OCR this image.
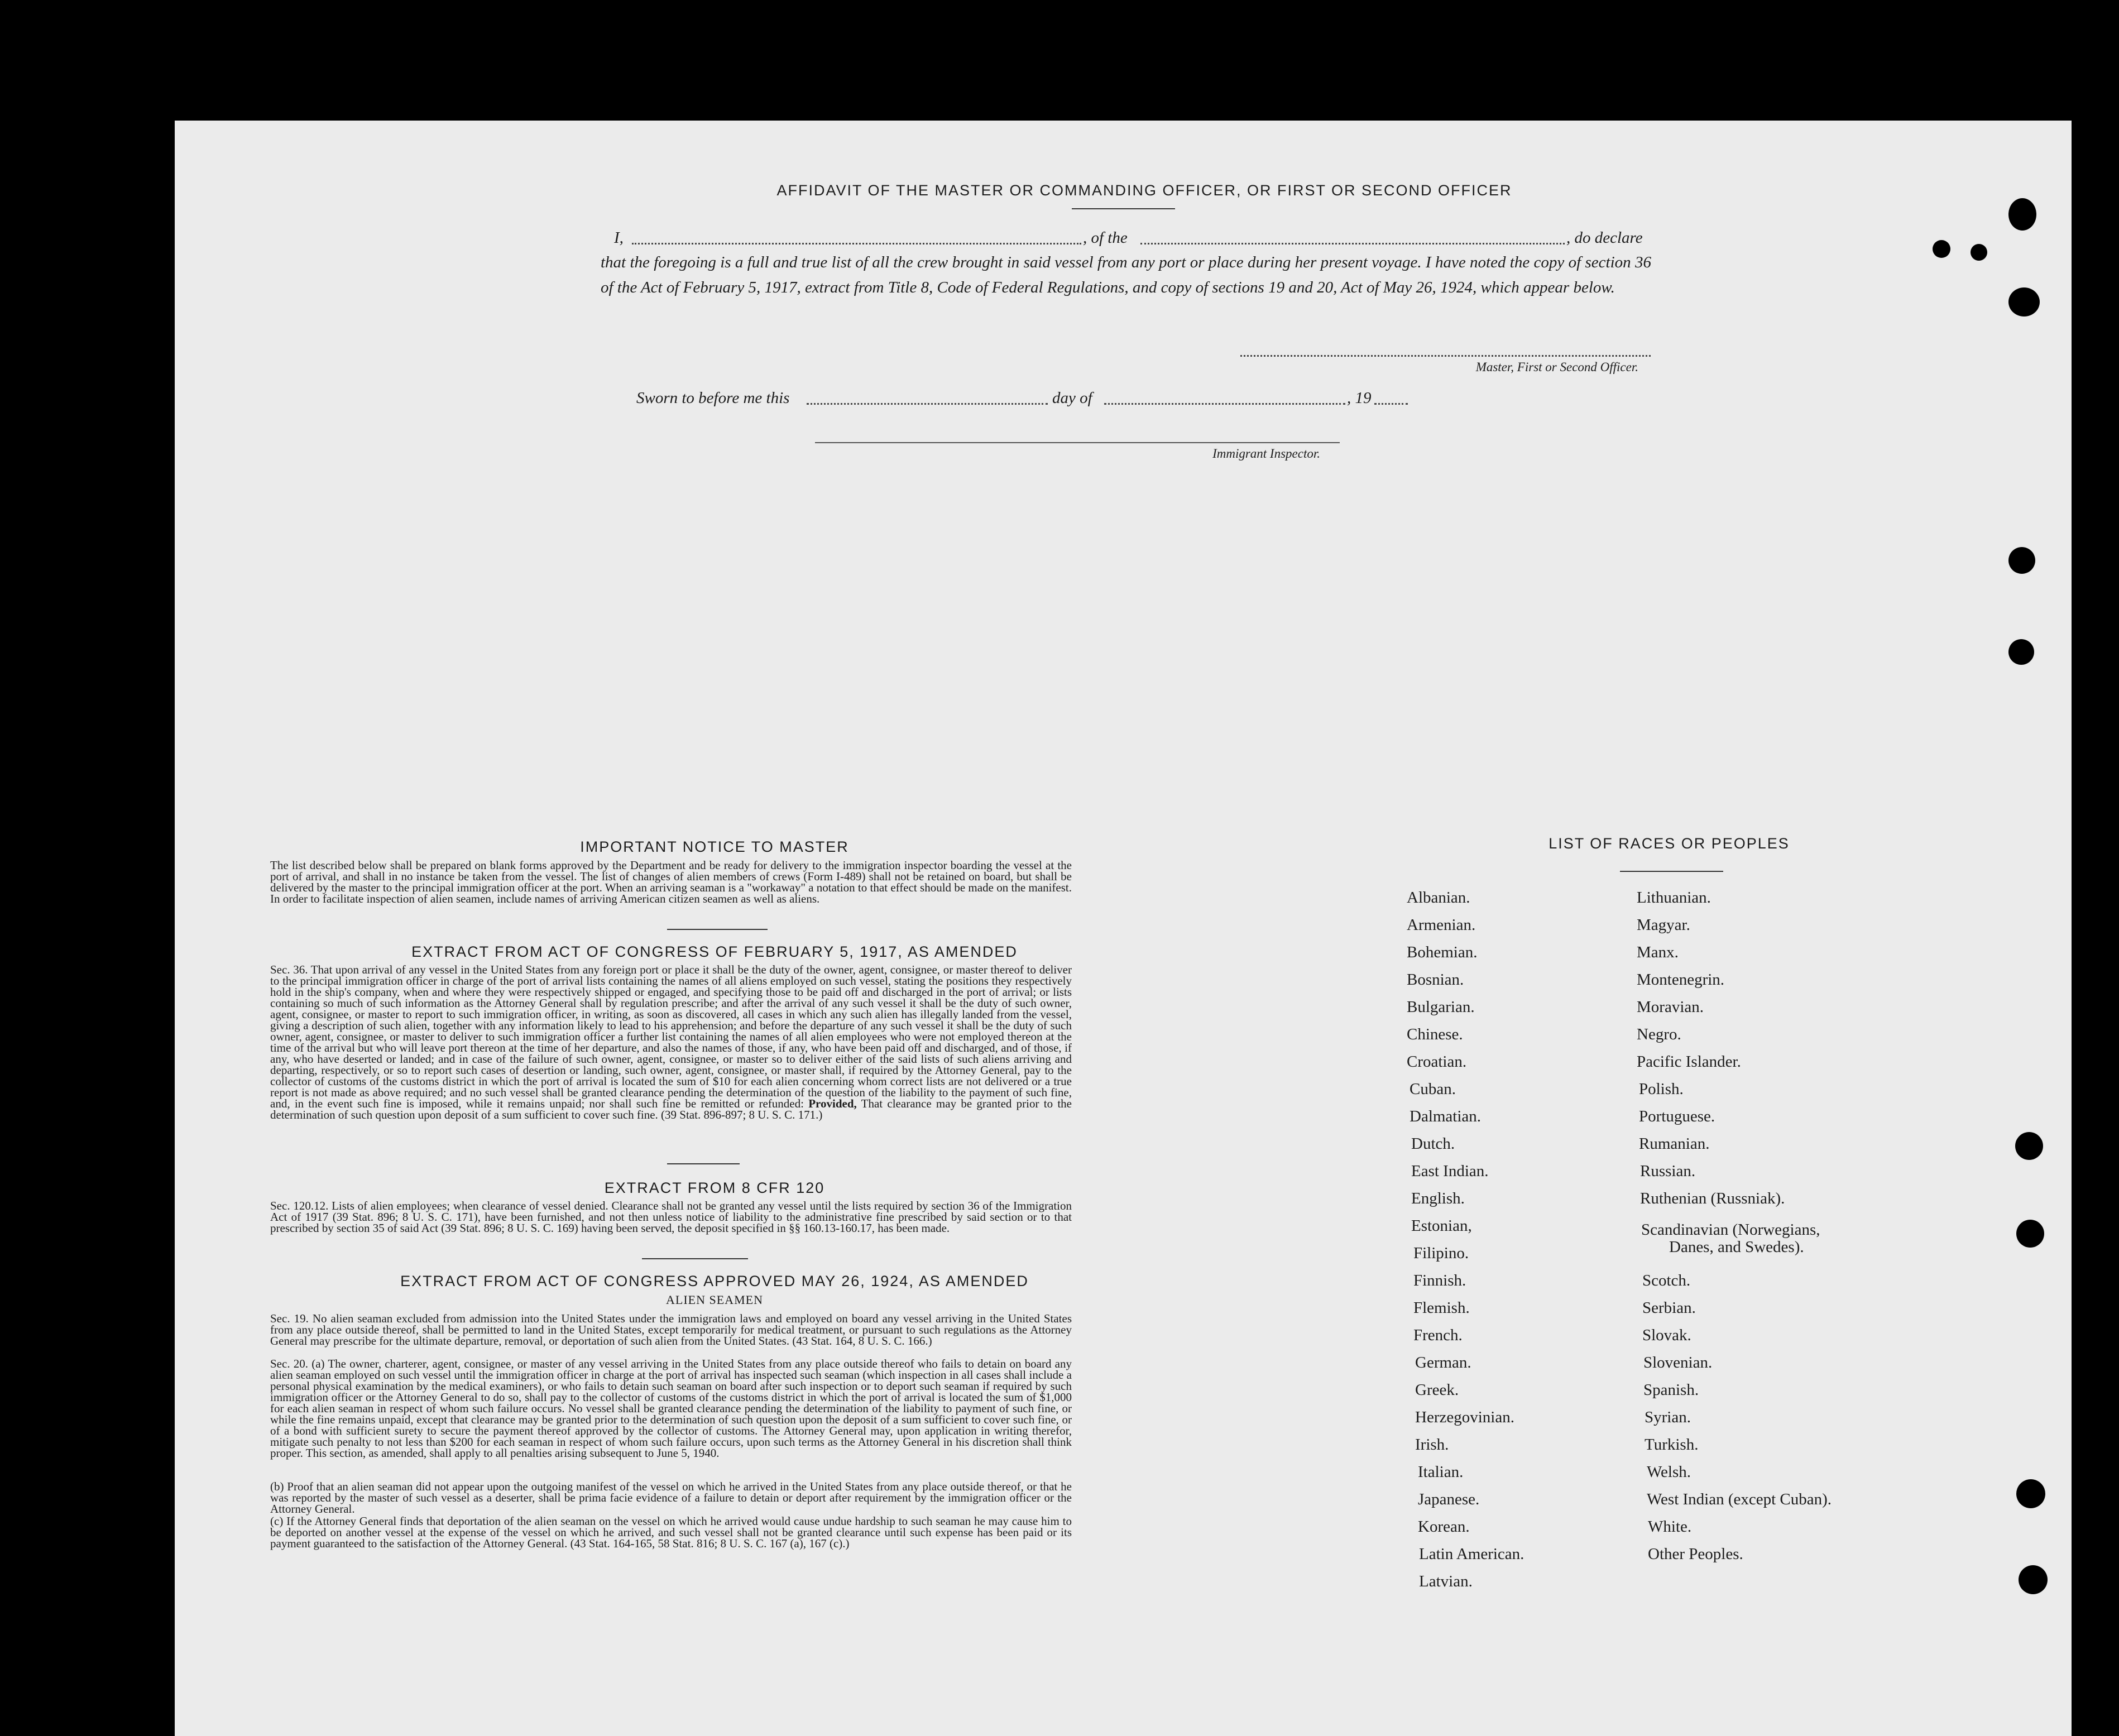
AFFIDAVIT OF THE MASTER OR COMMANDING OFFICER, OR FIRST OR SECOND OFFICER
I,	, of the	, do declare
that the foregoing is a full and true list of all the crew brought in said vessel from any port or place during her present voyage. I have noted the copy of section 36 of the Act of February 5, 1917, extract from Title 8, Code of Federal Regulations, and copy of sections 19 and 20, Act of May 26, 1924, which appear below.
Master, First or Second Officer.
Sworn to before me this	day of	, 19
Immigrant Inspector.
IMPORTANT NOTICE TO MASTER
The list described below shall be prepared on blank forms approved by the Department and be ready for delivery to the immigration inspector boarding the vessel at the port of arrival, and shall in no instance be taken from the vessel. The list of changes of alien members of crews (Form I-489) shall not be retained on board, but shall be delivered by the master to the principal immigration officer at the port. When an arriving seaman is a "workaway" a notation to that effect should be made on the manifest. In order to facilitate inspection of alien seamen, include names of arriving American citizen seamen as well as aliens.
EXTRACT FROM ACT OF CONGRESS OF FEBRUARY 5, 1917, AS AMENDED
Sec. 36. That upon arrival of any vessel in the United States from any foreign port or place it shall be the duty of the owner, agent, consignee, or master thereof to deliver to the principal immigration officer in charge of the port of arrival lists containing the names of all aliens employed on such vessel, stating the positions they respectively hold in the ship's company, when and where they were respectively shipped or engaged, and specifying those to be paid off and discharged in the port of arrival; or lists containing so much of such information as the Attorney General shall by regulation prescribe; and after the arrival of any such vessel it shall be the duty of such owner, agent, consignee, or master to report to such immigration officer, in writing, as soon as discovered, all cases in which any such alien has illegally landed from the vessel, giving a description of such alien, together with any information likely to lead to his apprehension; and before the departure of any such vessel it shall be the duty of such owner, agent, consignee, or master to deliver to such immigration officer a further list containing the names of all alien employees who were not employed thereon at the time of the arrival but who will leave port thereon at the time of her departure, and also the names of those, if any, who have been paid off and discharged, and of those, if any, who have deserted or landed; and in case of the failure of such owner, agent, consignee, or master so to deliver either of the said lists of such aliens arriving and departing, respectively, or so to report such cases of desertion or landing, such owner, agent, consignee, or master shall, if required by the Attorney General, pay to the collector of customs of the customs district in which the port of arrival is located the sum of $10 for each alien concerning whom correct lists are not delivered or a true report is not made as above required; and no such vessel shall be granted clearance pending the determination of the question of the liability to the payment of such fine, and, in the event such fine is imposed, while it remains unpaid; nor shall such fine be remitted or refunded: Provided, That clearance may be granted prior to the determination of such question upon deposit of a sum sufficient to cover such fine. (39 Stat. 896-897; 8 U. S. C. 171.)
EXTRACT FROM 8 CFR 120
Sec. 120.12. Lists of alien employees; when clearance of vessel denied. Clearance shall not be granted any vessel until the lists required by section 36 of the Immigration Act of 1917 (39 Stat. 896; 8 U. S. C. 171), have been furnished, and not then unless notice of liability to the administrative fine prescribed by said section or to that prescribed by section 35 of said Act (39 Stat. 896; 8 U. S. C. 169) having been served, the deposit specified in §§ 160.13-160.17, has been made.
EXTRACT FROM ACT OF CONGRESS APPROVED MAY 26, 1924, AS AMENDED
ALIEN SEAMEN
Sec. 19. No alien seaman excluded from admission into the United States under the immigration laws and employed on board any vessel arriving in the United States from any place outside thereof, shall be permitted to land in the United States, except temporarily for medical treatment, or pursuant to such regulations as the Attorney General may prescribe for the ultimate departure, removal, or deportation of such alien from the United States. (43 Stat. 164, 8 U. S. C. 166.)
Sec. 20. (a) The owner, charterer, agent, consignee, or master of any vessel arriving in the United States from any place outside thereof who fails to detain on board any alien seaman employed on such vessel until the immigration officer in charge at the port of arrival has inspected such seaman (which inspection in all cases shall include a personal physical examination by the medical examiners), or who fails to detain such seaman on board after such inspection or to deport such seaman if required by such immigration officer or the Attorney General to do so, shall pay to the collector of customs of the customs district in which the port of arrival is located the sum of $1,000 for each alien seaman in respect of whom such failure occurs. No vessel shall be granted clearance pending the determination of the liability to payment of such fine, or while the fine remains unpaid, except that clearance may be granted prior to the determination of such question upon the deposit of a sum sufficient to cover such fine, or of a bond with sufficient surety to secure the payment thereof approved by the collector of customs. The Attorney General may, upon application in writing therefor, mitigate such penalty to not less than $200 for each seaman in respect of whom such failure occurs, upon such terms as the Attorney General in his discretion shall think proper. This section, as amended, shall apply to all penalties arising subsequent to June 5, 1940.
(b) Proof that an alien seaman did not appear upon the outgoing manifest of the vessel on which he arrived in the United States from any place outside thereof, or that he was reported by the master of such vessel as a deserter, shall be prima facie evidence of a failure to detain or deport after requirement by the immigration officer or the Attorney General.
(c) If the Attorney General finds that deportation of the alien seaman on the vessel on which he arrived would cause undue hardship to such seaman he may cause him to be deported on another vessel at the expense of the vessel on which he arrived, and such vessel shall not be granted clearance until such expense has been paid or its payment guaranteed to the satisfaction of the Attorney General. (43 Stat. 164-165, 58 Stat. 816; 8 U. S. C. 167 (a), 167 (c).)
LIST OF RACES OR PEOPLES
Albanian.
Armenian.
Bohemian.
Bosnian.
Bulgarian.
Chinese.
Croatian.
Cuban.
Dalmatian.
Dutch.
East Indian.
English.
Estonian,
Filipino.
Finnish.
Flemish.
French.
German.
Greek.
Herzegovinian.
Irish.
Italian.
Japanese.
Korean.
Latin American.
Latvian.
Lithuanian.
Magyar.
Manx.
Montenegrin.
Moravian.
Negro.
Pacific Islander.
Polish.
Portuguese.
Rumanian.
Russian.
Ruthenian (Russniak).
Scandinavian (Norwegians,
Danes, and Swedes).
Scotch.
Serbian.
Slovak.
Slovenian.
Spanish.
Syrian.
Turkish.
Welsh.
West Indian (except Cuban).
White.
Other Peoples.
